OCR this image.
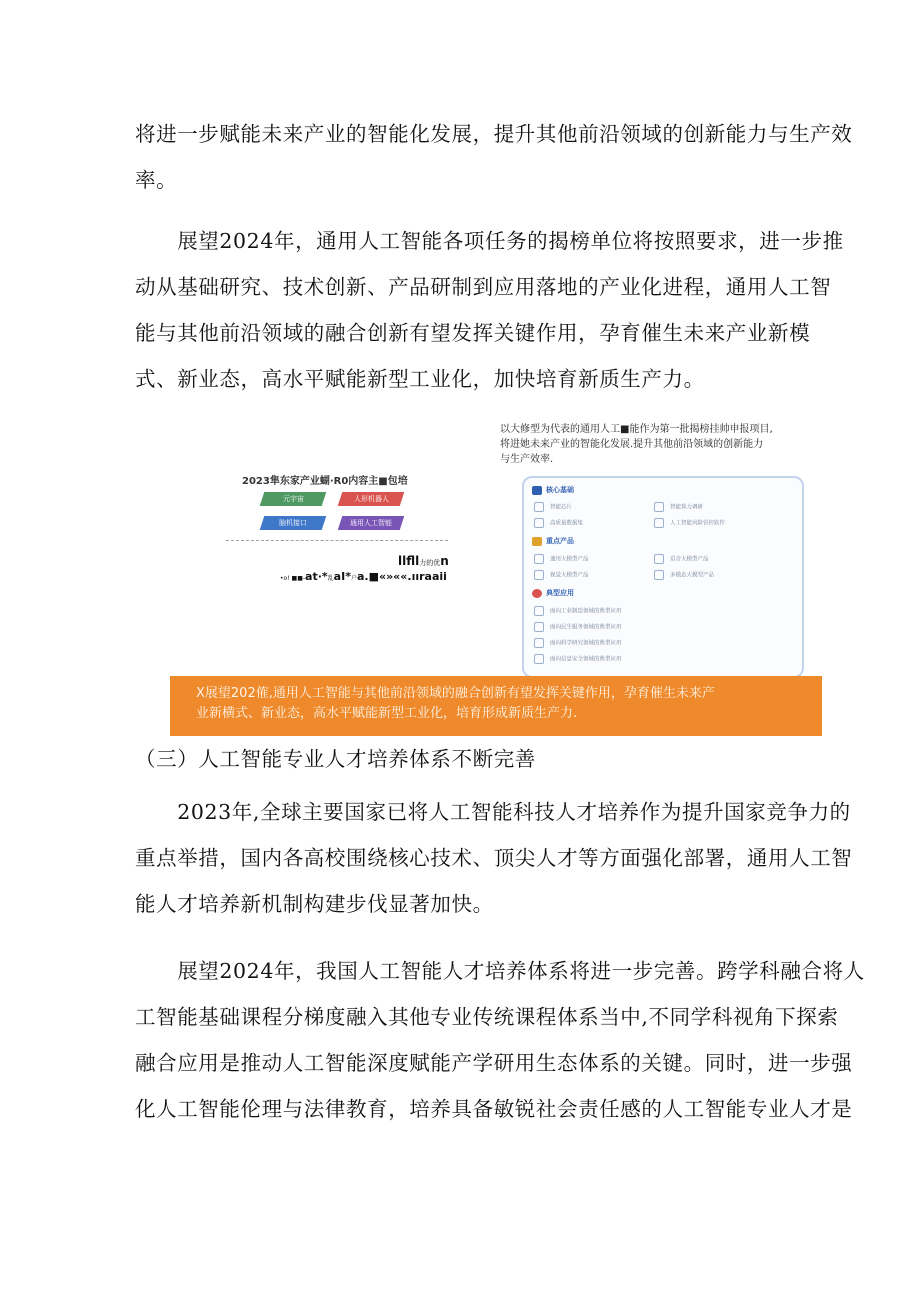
将进一步赋能未来产业的智能化发展，提升其他前沿领域的创新能力与生产效
率。
　　展望2024年，通用人工智能各项任务的揭榜单位将按照要求，进一步推
动从基础研究、技术创新、产品研制到应用落地的产业化进程，通用人工智
能与其他前沿领域的融合创新有望发挥关键作用，孕育催生未来产业新模
式、新业态，高水平赋能新型工业化，加快培育新质生产力。
2023隼东家产业蝴·R0内容主■包培
元宇宙	人形机器人
脑机接口	通用人工智能
llfll力的优n
•o! ■■-at·*乱aI*户a.■«»««.ııraaii
以大修型为代表的通用人工■能作为第一批揭榜挂帅申报项目,
将进她未来产业的智能化发展.提升其他前沿领域的创新能力
与生产效率.
核心基础
智能芯片	智能算力调研
高质量数据集	人工智能风险管控软件
重点产品
通用大模型产品	语音大模型产品
视觉大模型产品	多模态大模型产品
典型应用
面向工业制造领域的典型应用
面向民生服务领域的典型应用
面向科学研究领域的典型应用
面向信息安全领域的典型应用
X展望202傕,通用人工智能与其他前沿领域的融合创新有望发挥关键作用，孕育催生未来产
业新横式、新业态，高水平赋能新型工业化，培育形成新质生产力.
（三）人工智能专业人才培养体系不断完善
　　2023年,全球主要国家已将人工智能科技人才培养作为提升国家竞争力的
重点举措，国内各高校围绕核心技术、顶尖人才等方面强化部署，通用人工智
能人才培养新机制构建步伐显著加快。
　　展望2024年，我国人工智能人才培养体系将进一步完善。跨学科融合将人
工智能基础课程分梯度融入其他专业传统课程体系当中,不同学科视角下探索
融合应用是推动人工智能深度赋能产学研用生态体系的关键。同时，进一步强
化人工智能伦理与法律教育，培养具备敏锐社会责任感的人工智能专业人才是
